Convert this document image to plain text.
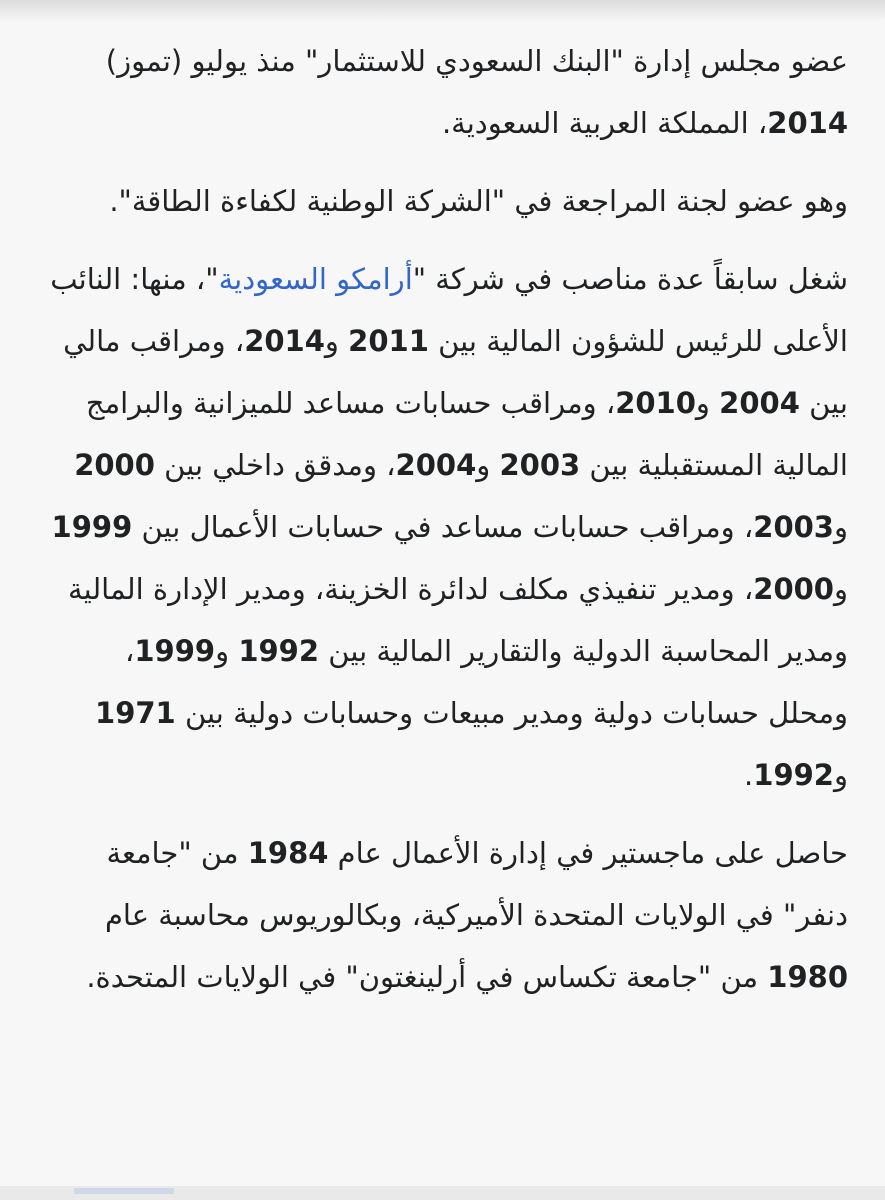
عضو مجلس إدارة "البنك السعودي للاستثمار" منذ يوليو (تموز) 2014، المملكة العربية السعودية.

وهو عضو لجنة المراجعة في "الشركة الوطنية لكفاءة الطاقة".

شغل سابقاً عدة مناصب في شركة "أرامكو السعودية"، منها: النائب الأعلى للرئيس للشؤون المالية بين 2011 و2014، ومراقب مالي بين 2004 و2010، ومراقب حسابات مساعد للميزانية والبرامج المالية المستقبلية بين 2003 و2004، ومدقق داخلي بين 2000 و2003، ومراقب حسابات مساعد في حسابات الأعمال بين 1999 و2000، ومدير تنفيذي مكلف لدائرة الخزينة، ومدير الإدارة المالية ومدير المحاسبة الدولية والتقارير المالية بين 1992 و1999، ومحلل حسابات دولية ومدير مبيعات وحسابات دولية بين 1971 و1992.

حاصل على ماجستير في إدارة الأعمال عام 1984 من "جامعة دنفر" في الولايات المتحدة الأميركية، وبكالوريوس محاسبة عام 1980 من "جامعة تكساس في أرلينغتون" في الولايات المتحدة.
